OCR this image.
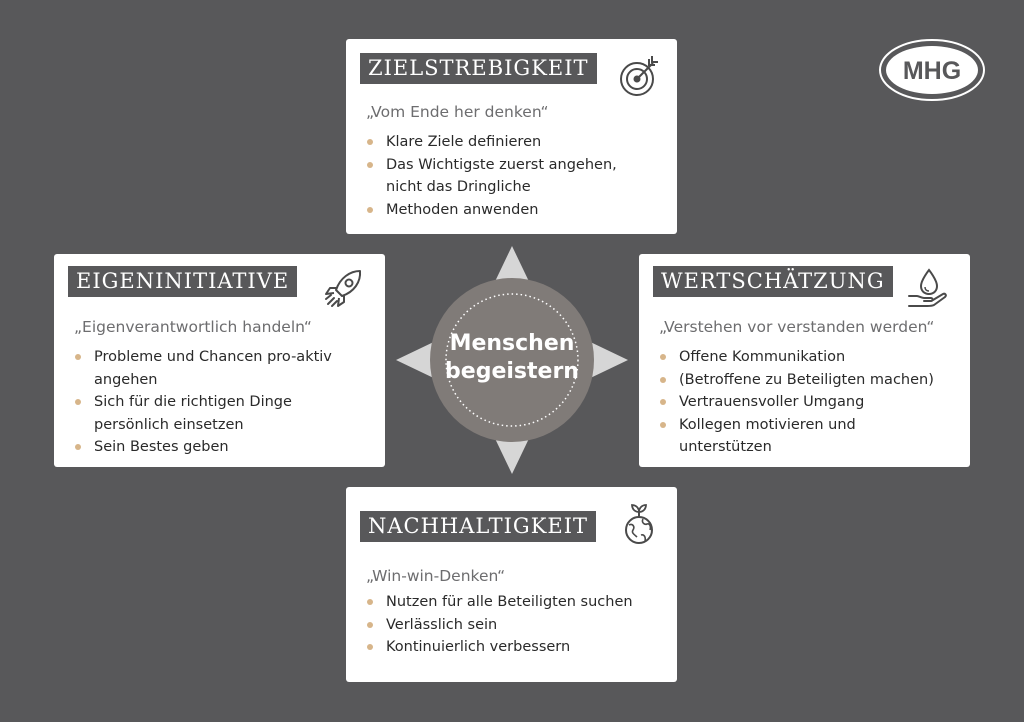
Menschen
begeistern
MHG
ZIELSTREBIGKEIT
„Vom Ende her denken“
Klare Ziele definieren
Das Wichtigste zuerst angehen, nicht das Dringliche
Methoden anwenden
EIGENINITIATIVE
„Eigenverantwortlich handeln“
Probleme und Chancen pro-aktiv angehen
Sich für die richtigen Dinge persönlich einsetzen
Sein Bestes geben
WERTSCHÄTZUNG
„Verstehen vor verstanden werden“
Offene Kommunikation
(Betroffene zu Beteiligten machen)
Vertrauensvoller Umgang
Kollegen motivieren und unterstützen
NACHHALTIGKEIT
„Win-win-Denken“
Nutzen für alle Beteiligten suchen
Verlässlich sein
Kontinuierlich verbessern
